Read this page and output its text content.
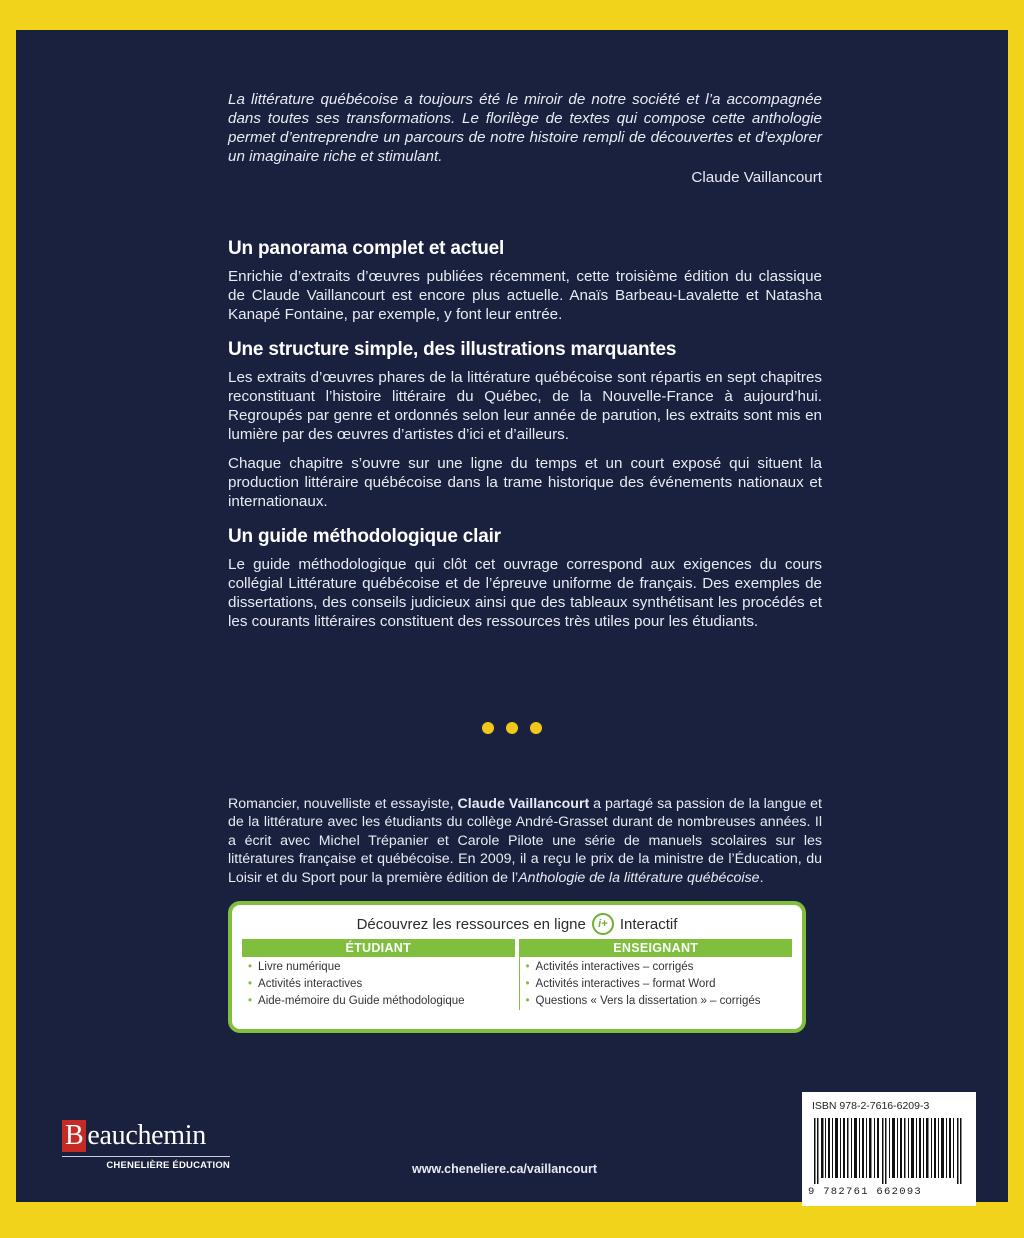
La littérature québécoise a toujours été le miroir de notre société et l’a accompagnée dans toutes ses transformations. Le florilège de textes qui compose cette anthologie permet d’entreprendre un parcours de notre histoire rempli de découvertes et d’explorer un imaginaire riche et stimulant.

Claude Vaillancourt

Un panorama complet et actuel

Enrichie d’extraits d’œuvres publiées récemment, cette troisième édition du classique de Claude Vaillancourt est encore plus actuelle. Anaïs Barbeau-Lavalette et Natasha Kanapé Fontaine, par exemple, y font leur entrée.

Une structure simple, des illustrations marquantes

Les extraits d’œuvres phares de la littérature québécoise sont répartis en sept chapitres reconstituant l’histoire littéraire du Québec, de la Nouvelle-France à aujourd’hui. Regroupés par genre et ordonnés selon leur année de parution, les extraits sont mis en lumière par des œuvres d’artistes d’ici et d’ailleurs.

Chaque chapitre s’ouvre sur une ligne du temps et un court exposé qui situent la production littéraire québécoise dans la trame historique des événements nationaux et internationaux.

Un guide méthodologique clair

Le guide méthodologique qui clôt cet ouvrage correspond aux exigences du cours collégial Littérature québécoise et de l’épreuve uniforme de français. Des exemples de dissertations, des conseils judicieux ainsi que des tableaux synthétisant les procédés et les courants littéraires constituent des ressources très utiles pour les étudiants.

Romancier, nouvelliste et essayiste, Claude Vaillancourt a partagé sa passion de la langue et de la littérature avec les étudiants du collège André-Grasset durant de nombreuses années. Il a écrit avec Michel Trépanier et Carole Pilote une série de manuels scolaires sur les littératures française et québécoise. En 2009, il a reçu le prix de la ministre de l’Éducation, du Loisir et du Sport pour la première édition de l’Anthologie de la littérature québécoise.

Découvrez les ressources en ligne	i+ Interactif
ÉTUDIANT
• Livre numérique
• Activités interactives
• Aide-mémoire du Guide méthodologique
ENSEIGNANT
• Activités interactives – corrigés
• Activités interactives – format Word
• Questions « Vers la dissertation » – corrigés
B eauchemin
CHENELIÈRE ÉDUCATION	www.cheneliere.ca/vaillancourt
ISBN 978-2-7616-6209-3
9 782761 662093
